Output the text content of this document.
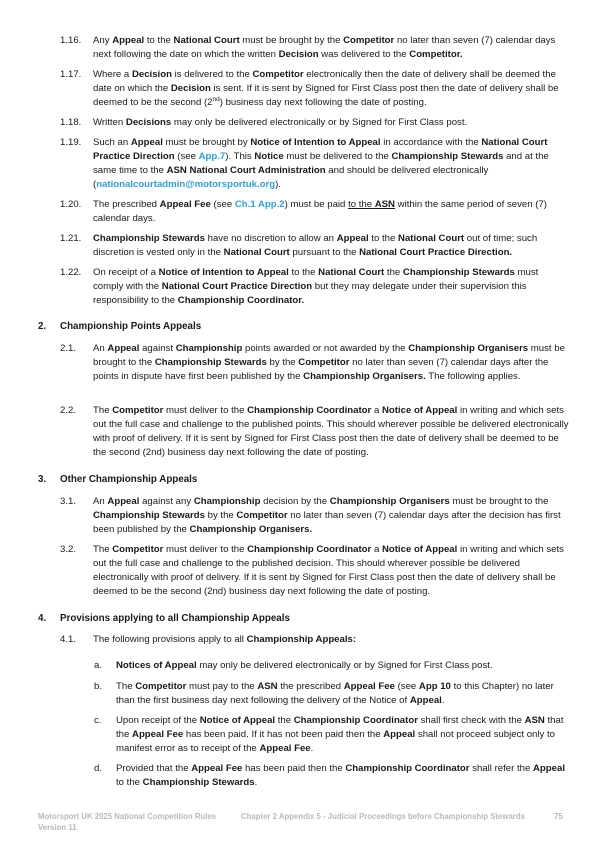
1.16.	Any Appeal to the National Court must be brought by the Competitor no later than seven (7) calendar days next following the date on which the written Decision was delivered to the Competitor.
1.17.	Where a Decision is delivered to the Competitor electronically then the date of delivery shall be deemed the date on which the Decision is sent. If it is sent by Signed for First Class post then the date of delivery shall be deemed to be the second (2nd) business day next following the date of posting.
1.18.	Written Decisions may only be delivered electronically or by Signed for First Class post.
1.19.	Such an Appeal must be brought by Notice of Intention to Appeal in accordance with the National Court Practice Direction (see App.7). This Notice must be delivered to the Championship Stewards and at the same time to the ASN National Court Administration and should be delivered electronically (nationalcourtadmin@motorsportuk.org).
1.20.	The prescribed Appeal Fee (see Ch.1 App.2) must be paid to the ASN within the same period of seven (7) calendar days.
1.21.	Championship Stewards have no discretion to allow an Appeal to the National Court out of time; such discretion is vested only in the National Court pursuant to the National Court Practice Direction.
1.22.	On receipt of a Notice of Intention to Appeal to the National Court the Championship Stewards must comply with the National Court Practice Direction but they may delegate under their supervision this responsibility to the Championship Coordinator.
2. Championship Points Appeals
2.1.	An Appeal against Championship points awarded or not awarded by the Championship Organisers must be brought to the Championship Stewards by the Competitor no later than seven (7) calendar days after the points in dispute have first been published by the Championship Organisers. The following applies.
2.2.	The Competitor must deliver to the Championship Coordinator a Notice of Appeal in writing and which sets out the full case and challenge to the published points. This should wherever possible be delivered electronically with proof of delivery. If it is sent by Signed for First Class post then the date of delivery shall be deemed to be the second (2nd) business day next following the date of posting.
3. Other Championship Appeals
3.1.	An Appeal against any Championship decision by the Championship Organisers must be brought to the Championship Stewards by the Competitor no later than seven (7) calendar days after the decision has first been published by the Championship Organisers.
3.2.	The Competitor must deliver to the Championship Coordinator a Notice of Appeal in writing and which sets out the full case and challenge to the published decision. This should wherever possible be delivered electronically with proof of delivery. If it is sent by Signed for First Class post then the date of delivery shall be deemed to be the second (2nd) business day next following the date of posting.
4. Provisions applying to all Championship Appeals
4.1.	The following provisions apply to all Championship Appeals:
a. Notices of Appeal may only be delivered electronically or by Signed for First Class post.
b. The Competitor must pay to the ASN the prescribed Appeal Fee (see App 10 to this Chapter) no later than the first business day next following the delivery of the Notice of Appeal.
c. Upon receipt of the Notice of Appeal the Championship Coordinator shall first check with the ASN that the Appeal Fee has been paid. If it has not been paid then the Appeal shall not proceed subject only to manifest error as to receipt of the Appeal Fee.
d. Provided that the Appeal Fee has been paid then the Championship Coordinator shall refer the Appeal to the Championship Stewards.
Motorsport UK 2025 National Competition Rules
Version 11
Chapter 2 Appendix 5 - Judicial Proceedings before Championship Stewards	75
